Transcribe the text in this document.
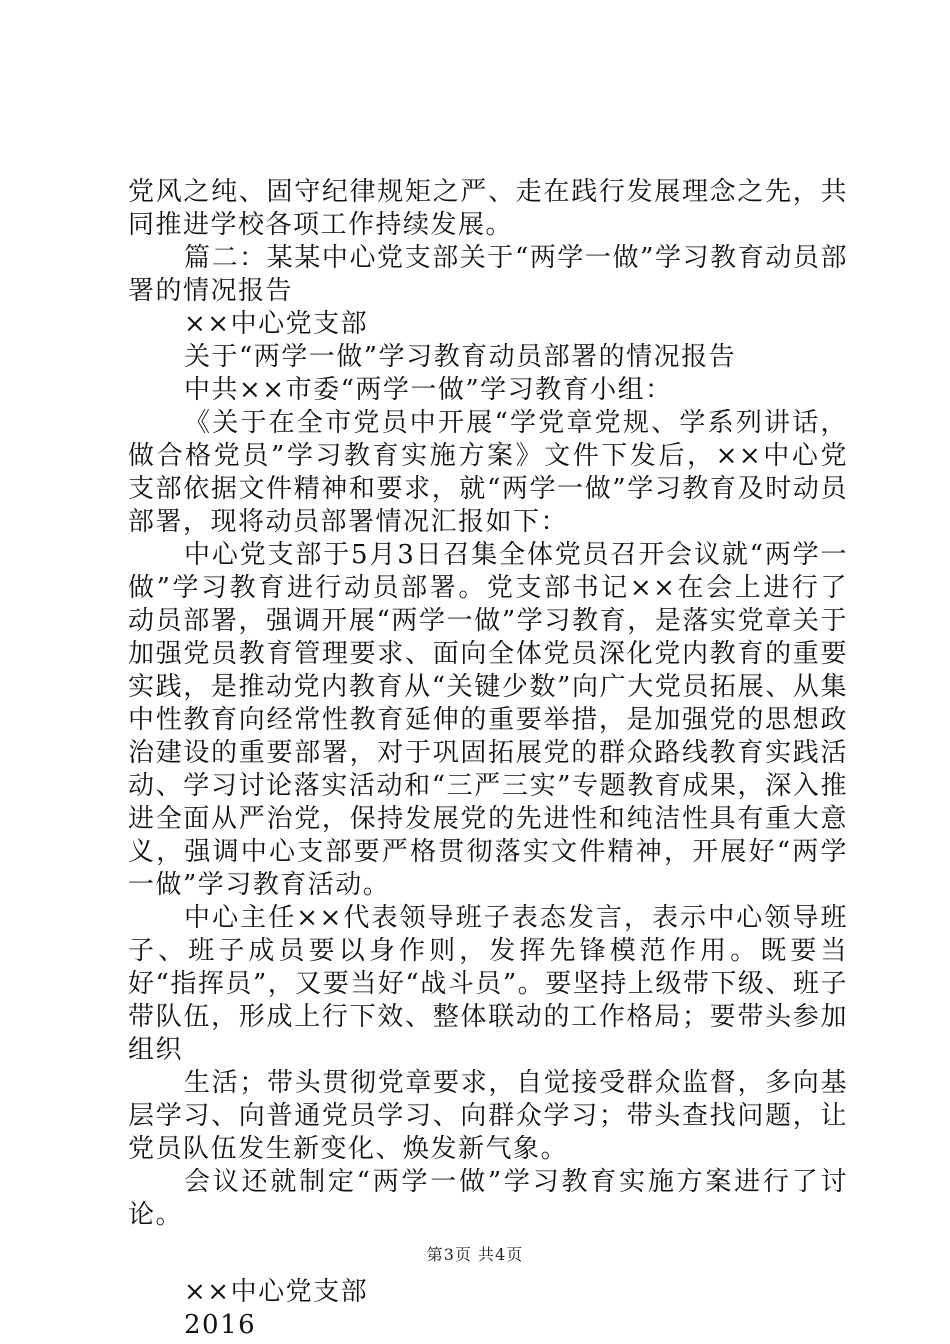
党风之纯、固守纪律规矩之严、走在践行发展理念之先，共同推进学校各项工作持续发展。

篇二：某某中心党支部关于“两学一做”学习教育动员部署的情况报告

××中心党支部

关于“两学一做”学习教育动员部署的情况报告

中共××市委“两学一做”学习教育小组：

《关于在全市党员中开展“学党章党规、学系列讲话，做合格党员”学习教育实施方案》文件下发后，××中心党支部依据文件精神和要求，就“两学一做”学习教育及时动员部署，现将动员部署情况汇报如下：

中心党支部于5月3日召集全体党员召开会议就“两学一做”学习教育进行动员部署。党支部书记××在会上进行了动员部署，强调开展“两学一做”学习教育，是落实党章关于加强党员教育管理要求、面向全体党员深化党内教育的重要实践，是推动党内教育从“关键少数”向广大党员拓展、从集中性教育向经常性教育延伸的重要举措，是加强党的思想政治建设的重要部署，对于巩固拓展党的群众路线教育实践活动、学习讨论落实活动和“三严三实”专题教育成果，深入推进全面从严治党，保持发展党的先进性和纯洁性具有重大意义，强调中心支部要严格贯彻落实文件精神，开展好“两学一做”学习教育活动。

中心主任××代表领导班子表态发言，表示中心领导班子、班子成员要以身作则，发挥先锋模范作用。既要当好“指挥员”，又要当好“战斗员”。要坚持上级带下级、班子带队伍，形成上行下效、整体联动的工作格局；要带头参加组织

生活；带头贯彻党章要求，自觉接受群众监督，多向基层学习、向普通党员学习、向群众学习；带头查找问题，让党员队伍发生新变化、焕发新气象。

会议还就制定“两学一做”学习教育实施方案进行了讨论。

××中心党支部

2016

第3页 共4页
